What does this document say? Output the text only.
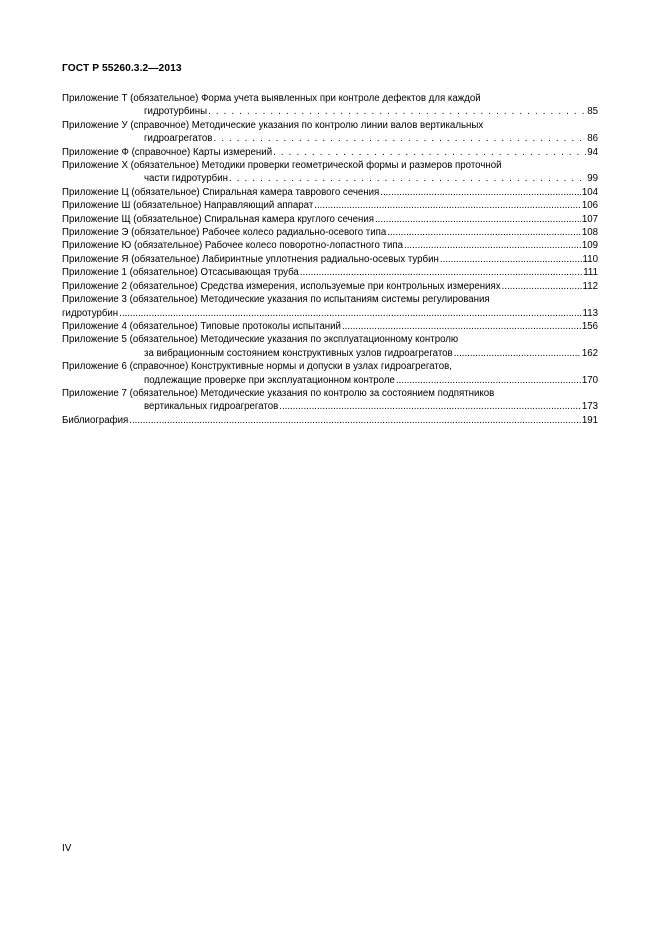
ГОСТ Р 55260.3.2—2013
Приложение Т (обязательное) Форма учета выявленных при контроле дефектов для каждой
гидротурбины . . .	85
Приложение У (справочное) Методические указания по контролю линии валов вертикальных
гидроагрегатов . . .	86
Приложение Ф (справочное) Карты измерений . . .	94
Приложение Х (обязательное) Методики проверки геометрической формы и размеров проточной
части гидротурбин . . .	99
Приложение Ц (обязательное) Спиральная камера таврового сечения .....	104
Приложение Ш (обязательное) Направляющий аппарат .....	106
Приложение Щ (обязательное) Спиральная камера круглого сечения .....	107
Приложение Э (обязательное) Рабочее колесо радиально-осевого типа .....	108
Приложение Ю (обязательное) Рабочее колесо поворотно-лопастного типа .....	109
Приложение Я (обязательное) Лабиринтные уплотнения радиально-осевых турбин .....	110
Приложение 1 (обязательное) Отсасывающая труба .....	111
Приложение 2 (обязательное) Средства измерения, используемые при контрольных измерениях .....	112
Приложение 3 (обязательное) Методические указания по испытаниям системы регулирования
гидротурбин .....	113
Приложение 4 (обязательное) Типовые протоколы испытаний .....	156
Приложение 5 (обязательное) Методические указания по эксплуатационному контролю
за вибрационным состоянием конструктивных узлов гидроагрегатов .....	162
Приложение 6 (справочное) Конструктивные нормы и допуски в узлах гидроагрегатов,
подлежащие проверке при эксплуатационном контроле .....	170
Приложение 7 (обязательное) Методические указания по контролю за состоянием подпятников
вертикальных гидроагрегатов .....	173
Библиография .....	191
IV
